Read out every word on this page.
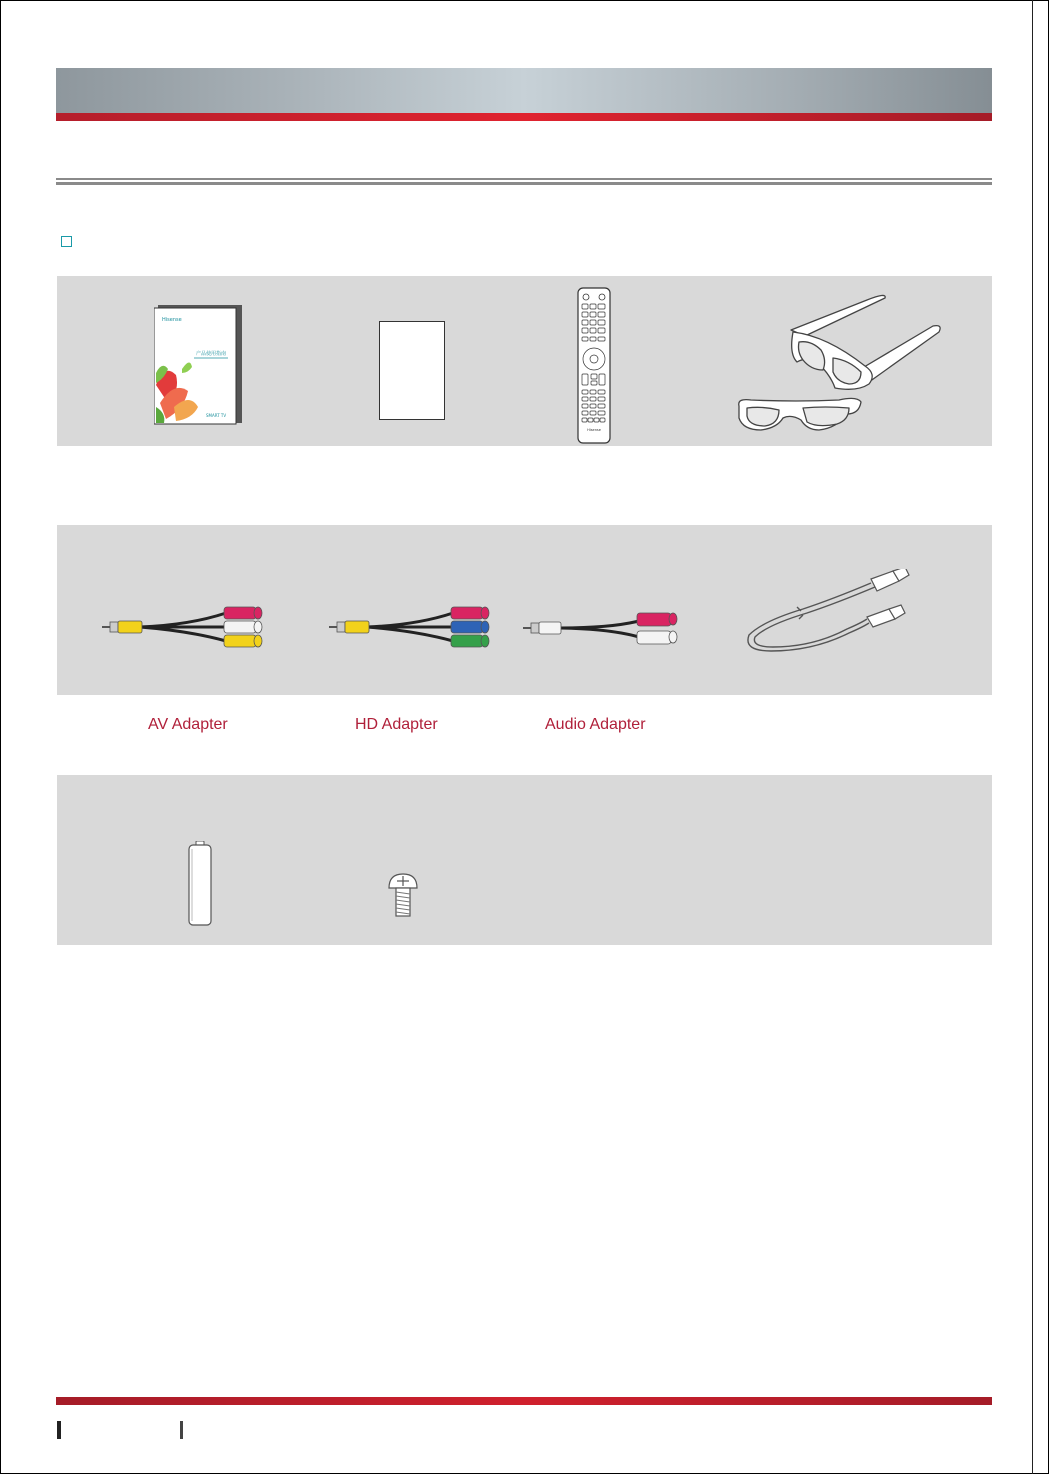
Hisense
产品使用指南
SMART TV
Hisense
AV Adapter	HD Adapter	Audio Adapter
